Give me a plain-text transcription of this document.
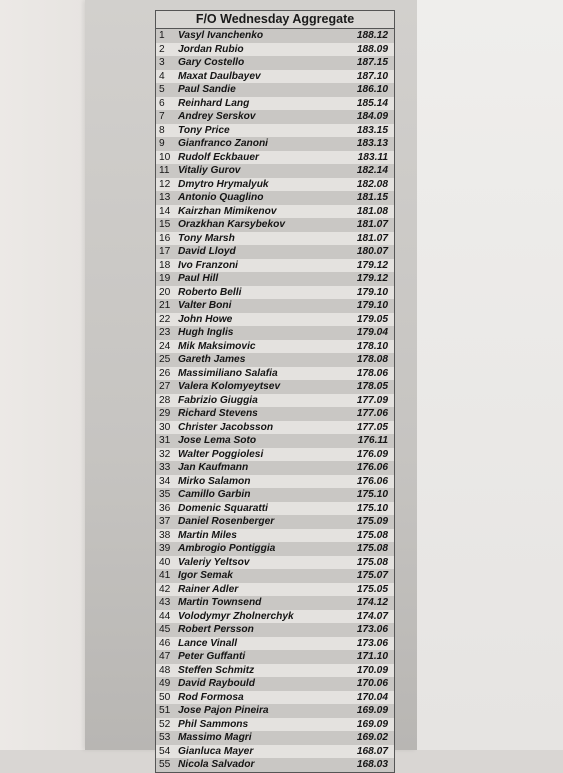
F/O Wednesday Aggregate
1 Vasyl Ivanchenko	188.12
2 Jordan Rubio	188.09
3 Gary Costello	187.15
4 Maxat Daulbayev	187.10
5 Paul Sandie	186.10
6 Reinhard Lang	185.14
7 Andrey Serskov	184.09
8 Tony Price	183.15
9 Gianfranco Zanoni	183.13
10 Rudolf Eckbauer	183.11
11 Vitaliy Gurov	182.14
12 Dmytro Hrymalyuk	182.08
13 Antonio Quaglino	181.15
14 Kairzhan Mimikenov	181.08
15 Orazkhan Karsybekov	181.07
16 Tony Marsh	181.07
17 David Lloyd	180.07
18 Ivo Franzoni	179.12
19 Paul Hill	179.12
20 Roberto Belli	179.10
21 Valter Boni	179.10
22 John Howe	179.05
23 Hugh Inglis	179.04
24 Mik Maksimovic	178.10
25 Gareth James	178.08
26 Massimiliano Salafia	178.06
27 Valera Kolomyeytsev	178.05
28 Fabrizio Giuggia	177.09
29 Richard Stevens	177.06
30 Christer Jacobsson	177.05
31 Jose Lema Soto	176.11
32 Walter Poggiolesi	176.09
33 Jan Kaufmann	176.06
34 Mirko Salamon	176.06
35 Camillo Garbin	175.10
36 Domenic Squaratti	175.10
37 Daniel Rosenberger	175.09
38 Martin Miles	175.08
39 Ambrogio Pontiggia	175.08
40 Valeriy Yeltsov	175.08
41 Igor Semak	175.07
42 Rainer Adler	175.05
43 Martin Townsend	174.12
44 Volodymyr Zholnerchyk	174.07
45 Robert Persson	173.06
46 Lance Vinall	173.06
47 Peter Guffanti	171.10
48 Steffen Schmitz	170.09
49 David Raybould	170.06
50 Rod Formosa	170.04
51 Jose Pajon Pineira	169.09
52 Phil Sammons	169.09
53 Massimo Magri	169.02
54 Gianluca Mayer	168.07
55 Nicola Salvador	168.03
